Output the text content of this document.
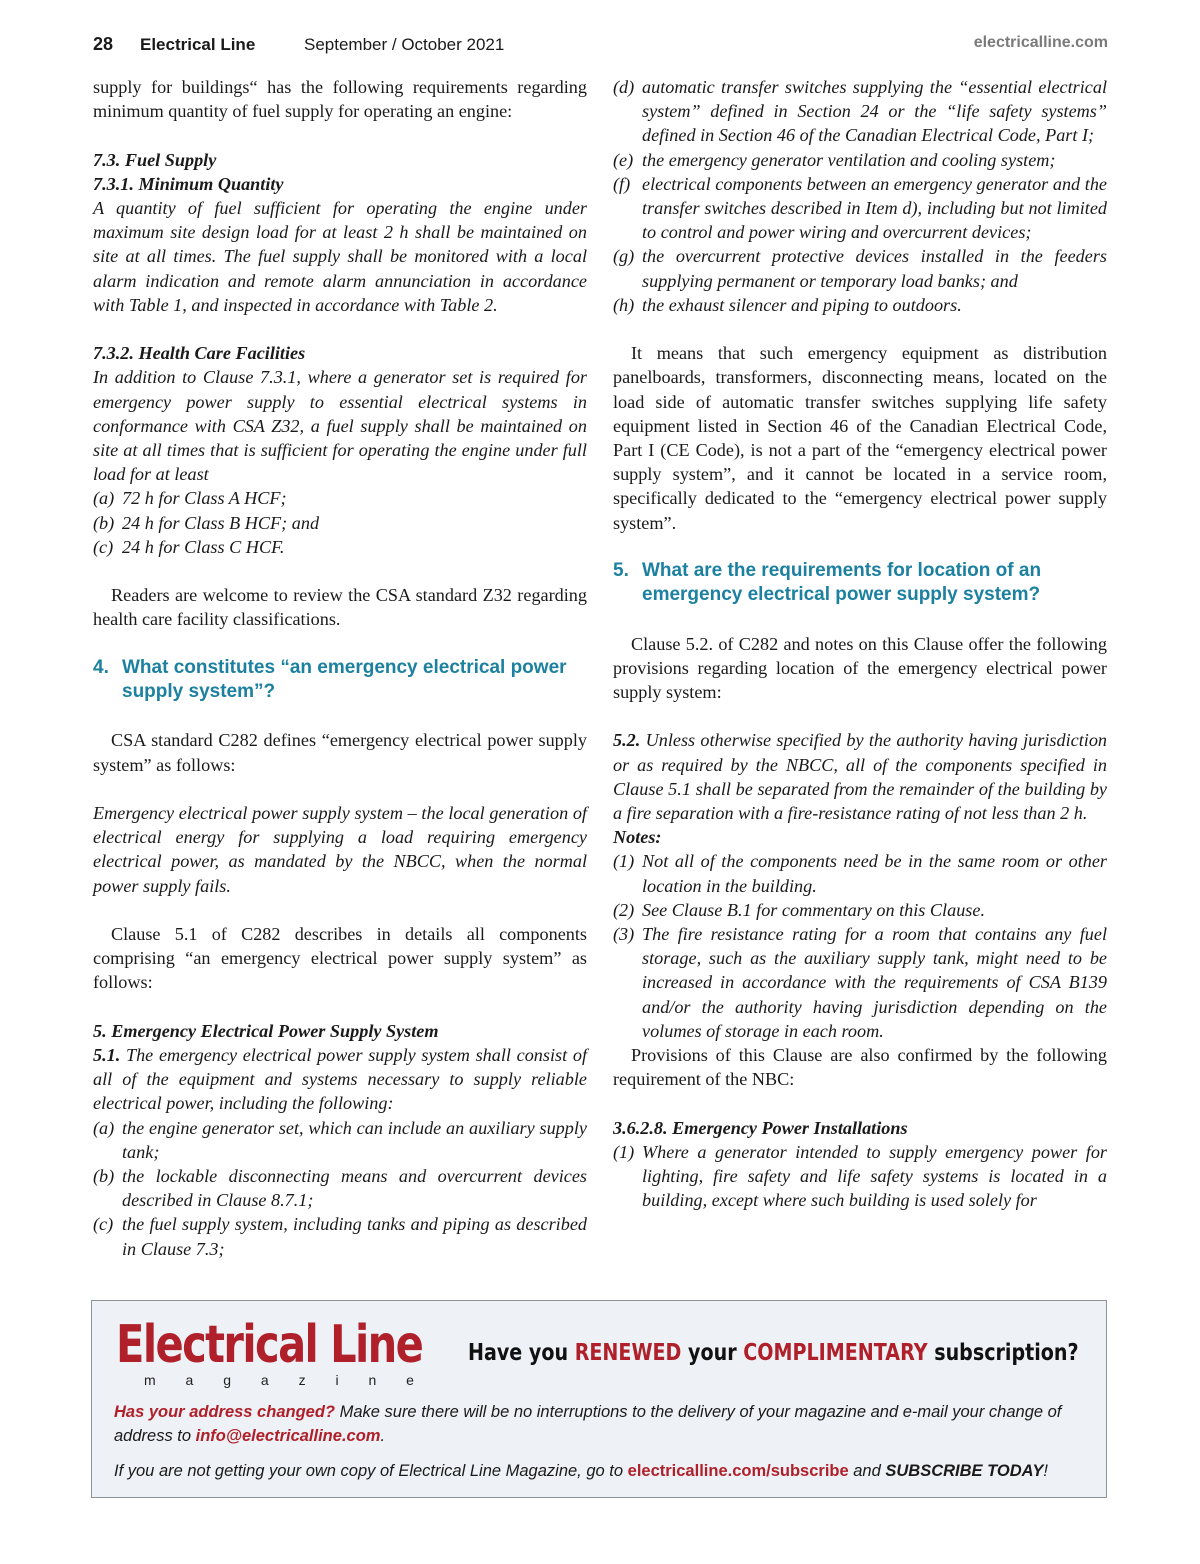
28 Electrical Line	September / October 2021	electricalline.com

supply for buildings“ has the following requirements regarding minimum quantity of fuel supply for operating an engine:

7.3. Fuel Supply

7.3.1. Minimum Quantity

A quantity of fuel sufficient for operating the engine under maximum site design load for at least 2 h shall be maintained on site at all times. The fuel supply shall be monitored with a local alarm indication and remote alarm annunciation in accordance with Table 1, and inspected in accordance with Table 2.

7.3.2. Health Care Facilities

In addition to Clause 7.3.1, where a generator set is required for emergency power supply to essential electrical systems in conformance with CSA Z32, a fuel supply shall be maintained on site at all times that is sufficient for operating the engine under full load for at least

(a) 72 h for Class A HCF;

(b) 24 h for Class B HCF; and

(c) 24 h for Class C HCF.

Readers are welcome to review the CSA standard Z32 regarding health care facility classifications.

4. What constitutes “an emergency electrical power supply system”?

CSA standard C282 defines “emergency electrical power supply system” as follows:

Emergency electrical power supply system – the local generation of electrical energy for supplying a load requiring emergency electrical power, as mandated by the NBCC, when the normal power supply fails.

Clause 5.1 of C282 describes in details all components comprising “an emergency electrical power supply system” as follows:

5. Emergency Electrical Power Supply System

5.1. The emergency electrical power supply system shall consist of all of the equipment and systems necessary to supply reliable electrical power, including the following:

(a) the engine generator set, which can include an auxiliary supply tank;

(b) the lockable disconnecting means and overcurrent devices described in Clause 8.7.1;

(c) the fuel supply system, including tanks and piping as described in Clause 7.3;

(d) automatic transfer switches supplying the “essential electrical system” defined in Section 24 or the “life safety systems” defined in Section 46 of the Canadian Electrical Code, Part I;

(e) the emergency generator ventilation and cooling system;

(f) electrical components between an emergency generator and the transfer switches described in Item d), including but not limited to control and power wiring and overcurrent devices;

(g) the overcurrent protective devices installed in the feeders supplying permanent or temporary load banks; and

(h) the exhaust silencer and piping to outdoors.

It means that such emergency equipment as distribution panelboards, transformers, disconnecting means, located on the load side of automatic transfer switches supplying life safety equipment listed in Section 46 of the Canadian Electrical Code, Part I (CE Code), is not a part of the “emergency electrical power supply system”, and it cannot be located in a service room, specifically dedicated to the “emergency electrical power supply system”.

5. What are the requirements for location of an emergency electrical power supply system?

Clause 5.2. of C282 and notes on this Clause offer the following provisions regarding location of the emergency electrical power supply system:

5.2. Unless otherwise specified by the authority having jurisdiction or as required by the NBCC, all of the components specified in Clause 5.1 shall be separated from the remainder of the building by a fire separation with a fire-resistance rating of not less than 2 h.

Notes:

(1) Not all of the components need be in the same room or other location in the building.

(2) See Clause B.1 for commentary on this Clause.

(3) The fire resistance rating for a room that contains any fuel storage, such as the auxiliary supply tank, might need to be increased in accordance with the requirements of CSA B139 and/or the authority having jurisdiction depending on the volumes of storage in each room.

Provisions of this Clause are also confirmed by the following requirement of the NBC:

3.6.2.8. Emergency Power Installations

(1) Where a generator intended to supply emergency power for lighting, fire safety and life safety systems is located in a building, except where such building is used solely for

Electrical Line
m a g a z i n e
Have you RENEWED your COMPLIMENTARY subscription?
Has your address changed? Make sure there will be no interruptions to the delivery of your magazine and e-mail your change of address to info@electricalline.com.
If you are not getting your own copy of Electrical Line Magazine, go to electricalline.com/subscribe and SUBSCRIBE TODAY!
